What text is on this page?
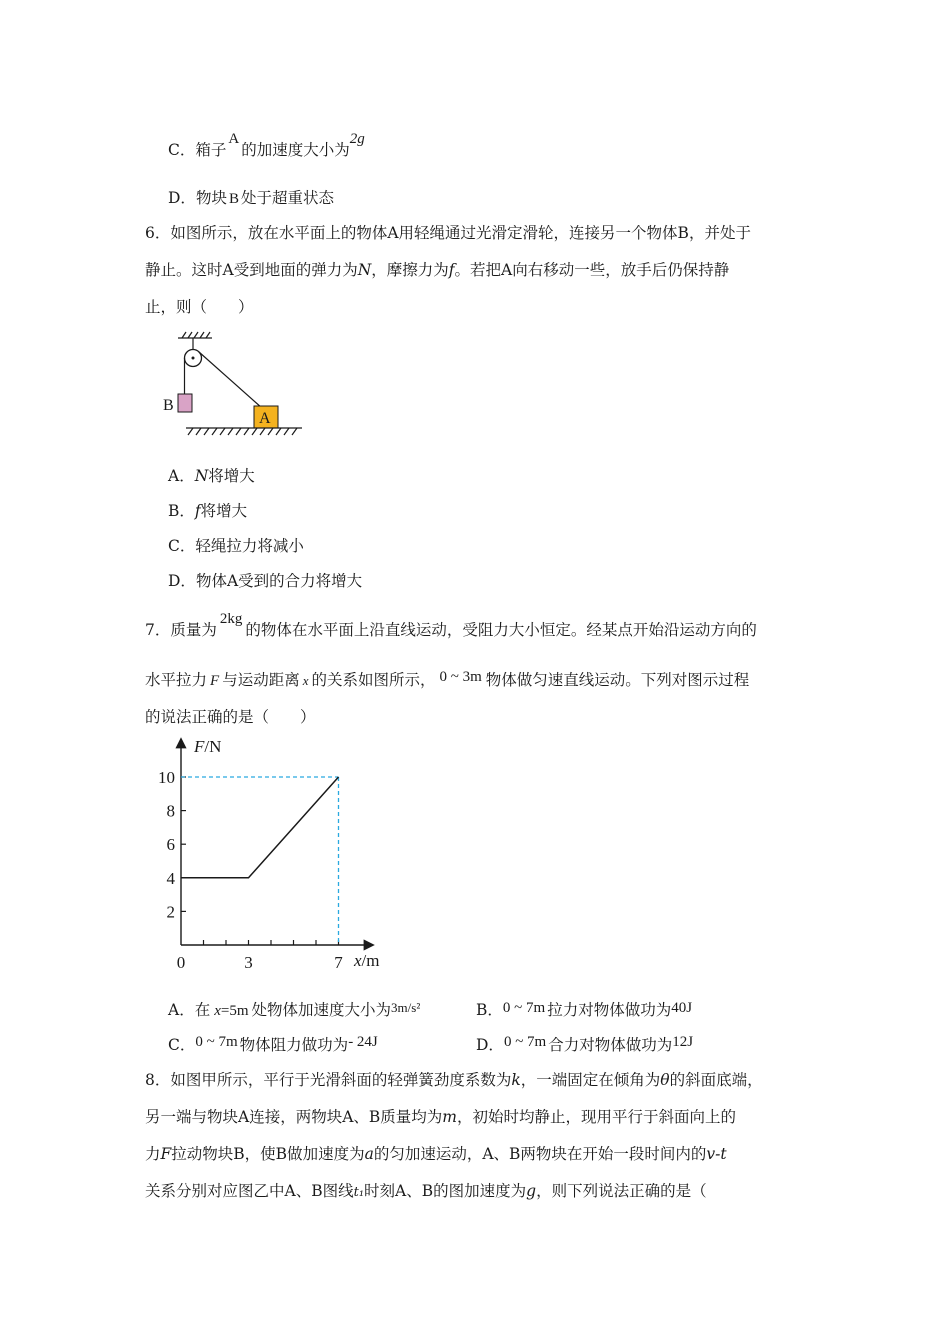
C．箱子A的加速度大小为2g
D．物块 B 处于超重状态
6．如图所示，放在水平面上的物体A用轻绳通过光滑定滑轮，连接另一个物体B，并处于
静止。这时A受到地面的弹力为N，摩擦力为f。若把A向右移动一些，放手后仍保持静
止，则（　　）
B
A
A．N将增大
B．f将增大
C．轻绳拉力将减小
D．物体A受到的合力将增大
7．质量为2kg的物体在水平面上沿直线运动，受阻力大小恒定。经某点开始沿运动方向的
水平拉力 F 与运动距离 x 的关系如图所示， 0 ~ 3m 物体做匀速直线运动。下列对图示过程
的说法正确的是（　　）
F/N
x/m
2
4
6
8
10
0	3	7
A．在 x=5m 处物体加速度大小为3m/s²	B．0 ~ 7m 拉力对物体做功为40J
C．0 ~ 7m 物体阻力做功为- 24J	D．0 ~ 7m 合力对物体做功为12J
8．如图甲所示，平行于光滑斜面的轻弹簧劲度系数为k，一端固定在倾角为θ的斜面底端，
另一端与物块A连接，两物块A、B质量均为m，初始时均静止，现用平行于斜面向上的
力F拉动物块B，使B做加速度为a的匀加速运动，A、B两物块在开始一段时间内的v-t
关系分别对应图乙中A、B图线t₁时刻A、B的图加速度为g，则下列说法正确的是（
